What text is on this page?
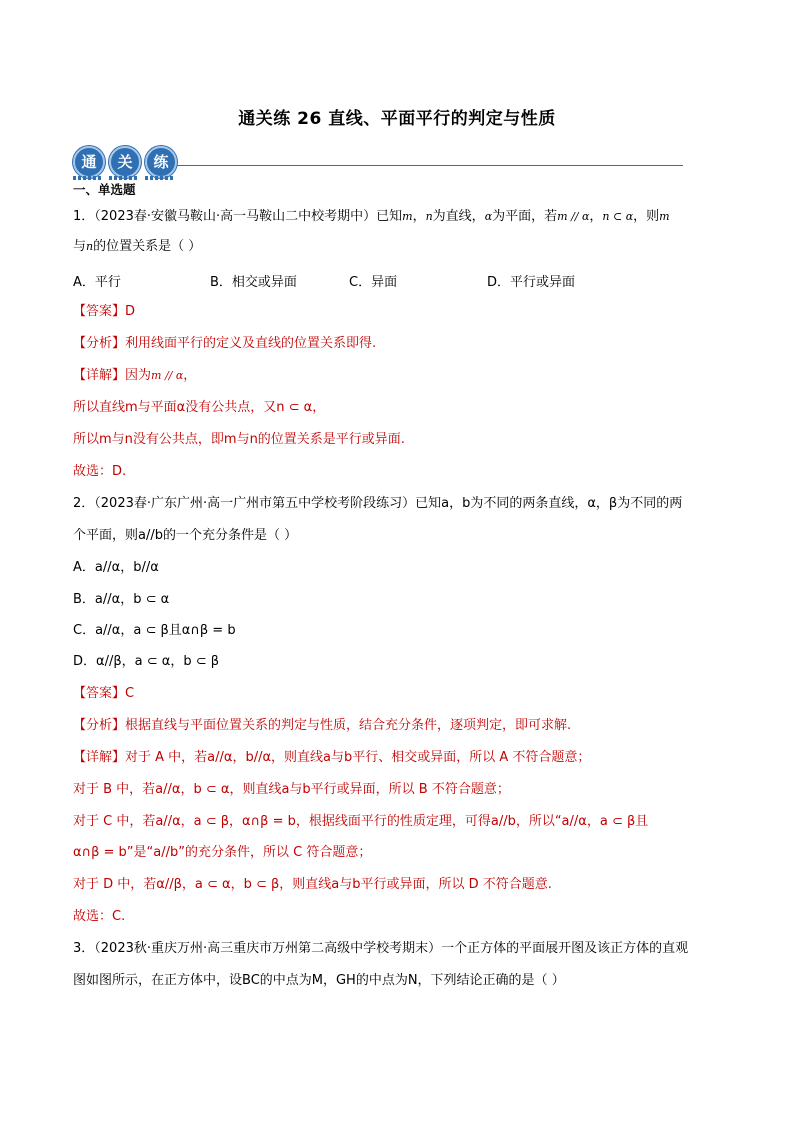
通关练 26 直线、平面平行的判定与性质
通	关	练
一、单选题
1．（2023春·安徽马鞍山·高一马鞍山二中校考期中）已知m，n为直线，α为平面，若m // α，n ⊂ α，则m
与n的位置关系是（ ）
A．平行	B．相交或异面	C．异面	D．平行或异面
【答案】D
【分析】利用线面平行的定义及直线的位置关系即得.
【详解】因为m // α，
所以直线m与平面α没有公共点，又n ⊂ α，
所以m与n没有公共点，即m与n的位置关系是平行或异面.
故选：D.
2．（2023春·广东广州·高一广州市第五中学校考阶段练习）已知a，b为不同的两条直线，α，β为不同的两
个平面，则a//b的一个充分条件是（ ）
A．a//α，b//α
B．a//α，b ⊂ α
C．a//α，a ⊂ β且α∩β = b
D．α//β，a ⊂ α，b ⊂ β
【答案】C
【分析】根据直线与平面位置关系的判定与性质，结合充分条件，逐项判定，即可求解.
【详解】对于 A 中，若a//α，b//α，则直线a与b平行、相交或异面，所以 A 不符合题意；
对于 B 中，若a//α，b ⊂ α，则直线a与b平行或异面，所以 B 不符合题意；
对于 C 中，若a//α，a ⊂ β，α∩β = b，根据线面平行的性质定理，可得a//b，所以“a//α，a ⊂ β且
α∩β = b”是“a//b”的充分条件，所以 C 符合题意；
对于 D 中，若α//β，a ⊂ α，b ⊂ β，则直线a与b平行或异面，所以 D 不符合题意.
故选：C.
3．（2023秋·重庆万州·高三重庆市万州第二高级中学校考期末）一个正方体的平面展开图及该正方体的直观
图如图所示，在正方体中，设BC的中点为M，GH的中点为N，下列结论正确的是（ ）
